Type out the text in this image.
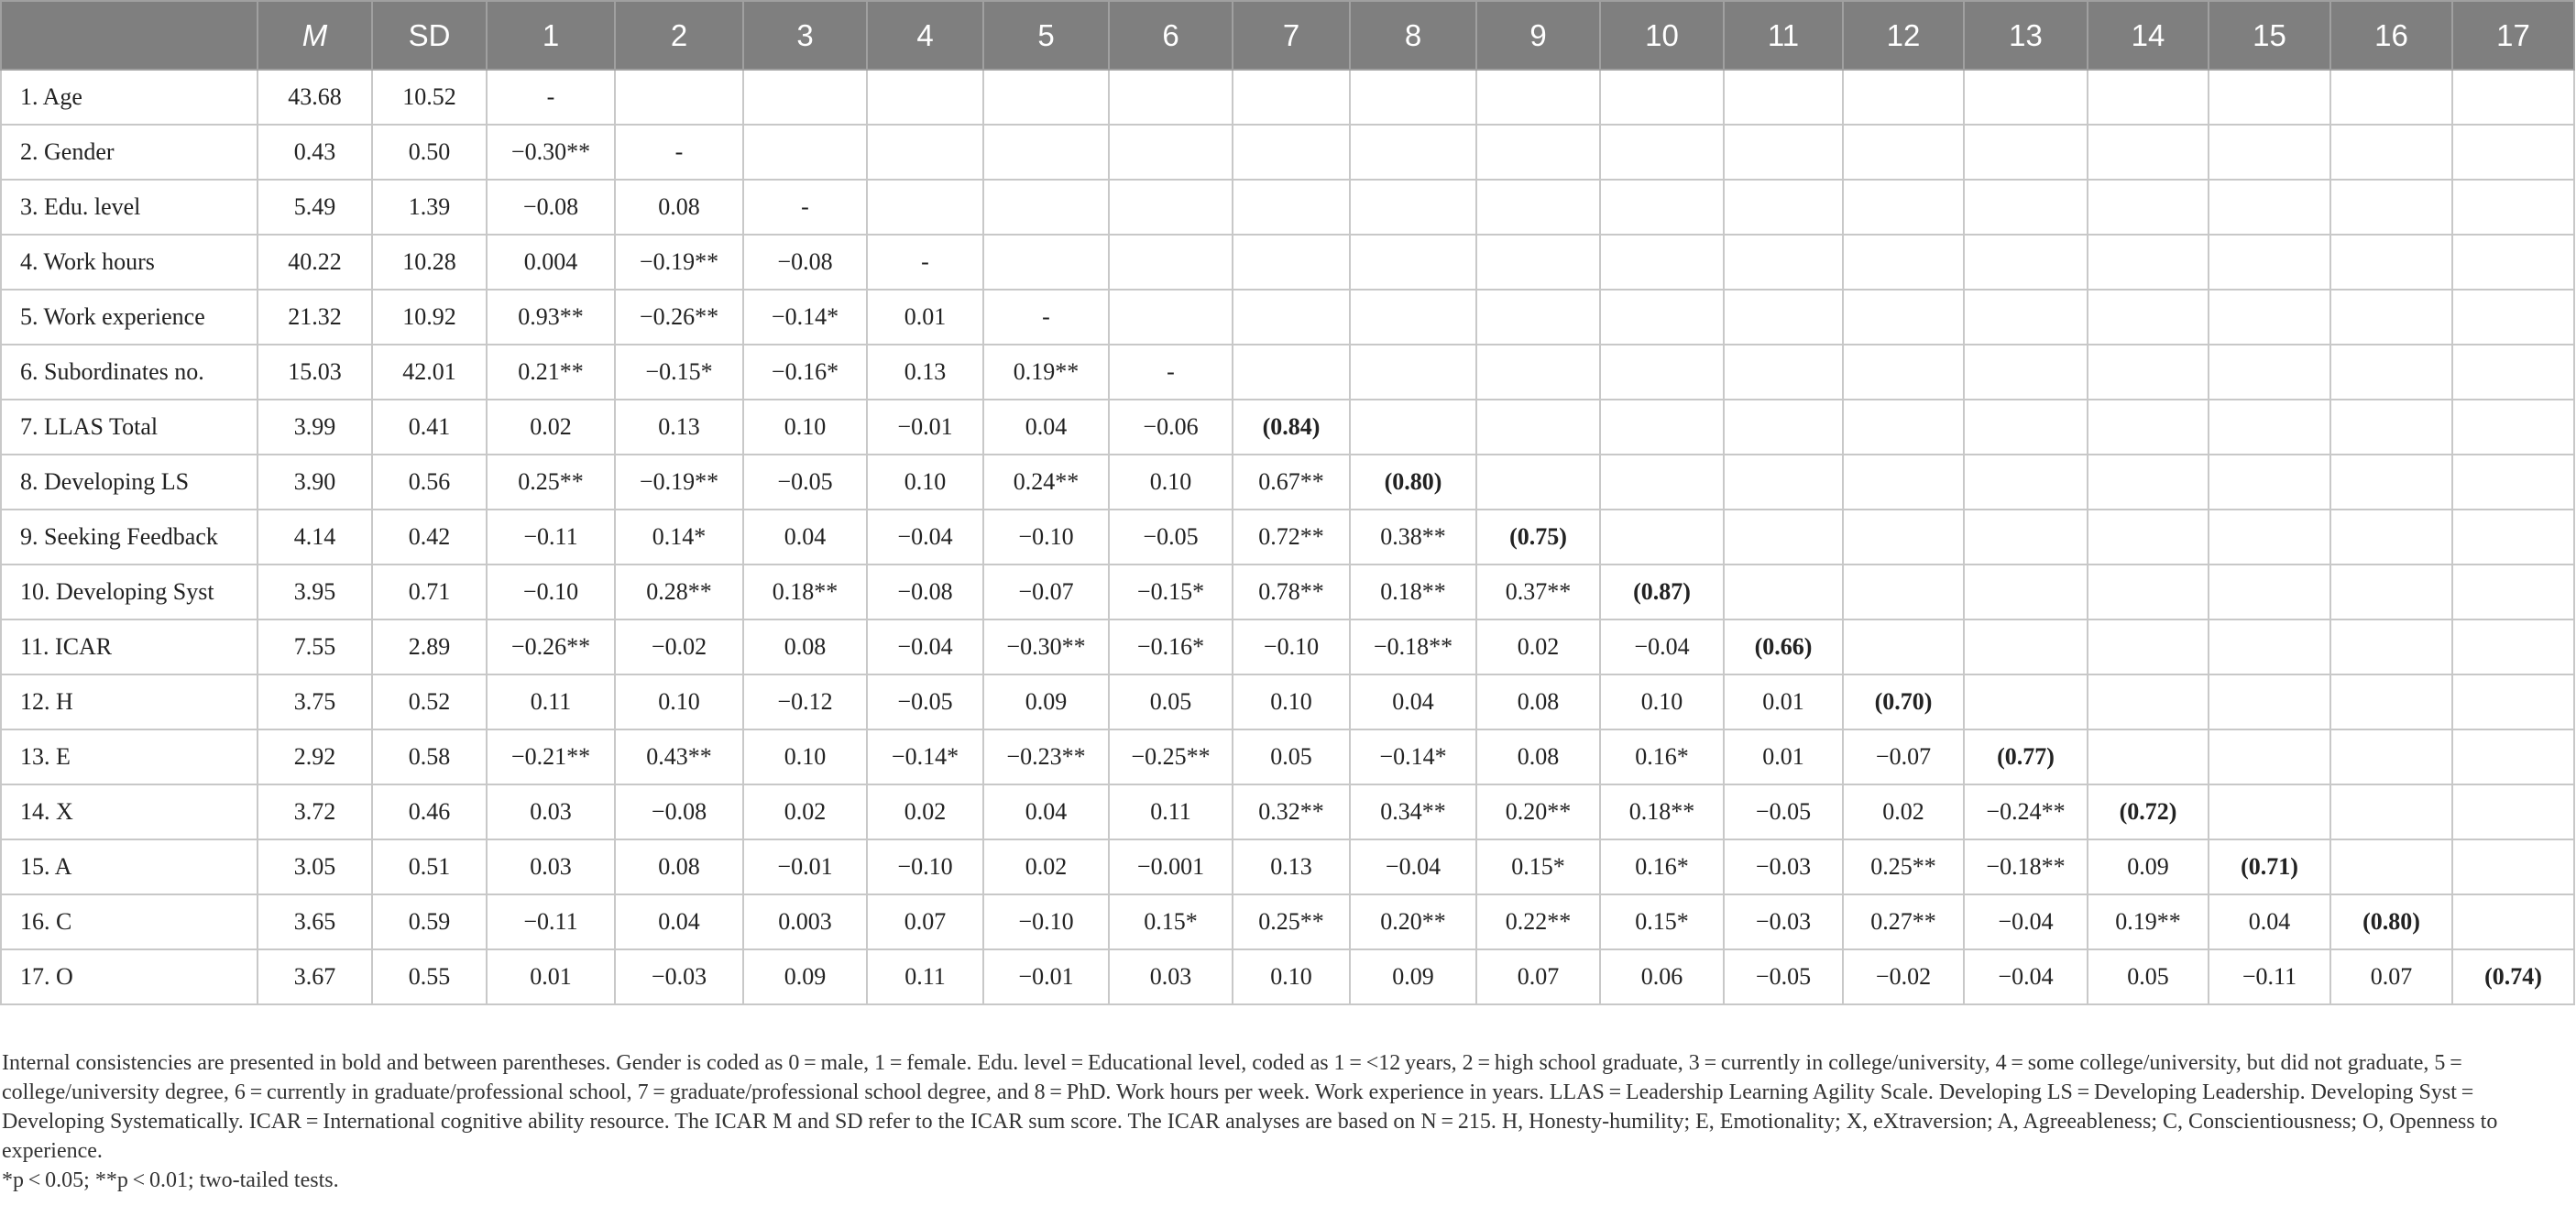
	M	SD	1	2	3	4	5	6	7	8	9	10	11	12	13	14	15	16	17
1. Age	43.68	10.52	-																
2. Gender	0.43	0.50	−0.30**	-															
3. Edu. level	5.49	1.39	−0.08	0.08	-														
4. Work hours	40.22	10.28	0.004	−0.19**	−0.08	-													
5. Work experience	21.32	10.92	0.93**	−0.26**	−0.14*	0.01	-												
6. Subordinates no.	15.03	42.01	0.21**	−0.15*	−0.16*	0.13	0.19**	-											
7. LLAS Total	3.99	0.41	0.02	0.13	0.10	−0.01	0.04	−0.06	(0.84)										
8. Developing LS	3.90	0.56	0.25**	−0.19**	−0.05	0.10	0.24**	0.10	0.67**	(0.80)									
9. Seeking Feedback	4.14	0.42	−0.11	0.14*	0.04	−0.04	−0.10	−0.05	0.72**	0.38**	(0.75)								
10. Developing Syst	3.95	0.71	−0.10	0.28**	0.18**	−0.08	−0.07	−0.15*	0.78**	0.18**	0.37**	(0.87)							
11. ICAR	7.55	2.89	−0.26**	−0.02	0.08	−0.04	−0.30**	−0.16*	−0.10	−0.18**	0.02	−0.04	(0.66)						
12. H	3.75	0.52	0.11	0.10	−0.12	−0.05	0.09	0.05	0.10	0.04	0.08	0.10	0.01	(0.70)					
13. E	2.92	0.58	−0.21**	0.43**	0.10	−0.14*	−0.23**	−0.25**	0.05	−0.14*	0.08	0.16*	0.01	−0.07	(0.77)				
14. X	3.72	0.46	0.03	−0.08	0.02	0.02	0.04	0.11	0.32**	0.34**	0.20**	0.18**	−0.05	0.02	−0.24**	(0.72)			
15. A	3.05	0.51	0.03	0.08	−0.01	−0.10	0.02	−0.001	0.13	−0.04	0.15*	0.16*	−0.03	0.25**	−0.18**	0.09	(0.71)		
16. C	3.65	0.59	−0.11	0.04	0.003	0.07	−0.10	0.15*	0.25**	0.20**	0.22**	0.15*	−0.03	0.27**	−0.04	0.19**	0.04	(0.80)	
17. O	3.67	0.55	0.01	−0.03	0.09	0.11	−0.01	0.03	0.10	0.09	0.07	0.06	−0.05	−0.02	−0.04	0.05	−0.11	0.07	(0.74)

Internal consistencies are presented in bold and between parentheses. Gender is coded as 0 = male, 1 = female. Edu. level = Educational level, coded as 1 = <12 years, 2 = high school graduate, 3 = currently in college/university, 4 = some college/university, but did not graduate, 5 = college/university degree, 6 = currently in graduate/professional school, 7 = graduate/professional school degree, and 8 = PhD. Work hours per week. Work experience in years. LLAS = Leadership Learning Agility Scale. Developing LS = Developing Leadership. Developing Syst = Developing Systematically. ICAR = International cognitive ability resource. The ICAR M and SD refer to the ICAR sum score. The ICAR analyses are based on N = 215. H, Honesty-humility; E, Emotionality; X, eXtraversion; A, Agreeableness; C, Conscientiousness; O, Openness to experience.

*p < 0.05; **p < 0.01; two-tailed tests.
